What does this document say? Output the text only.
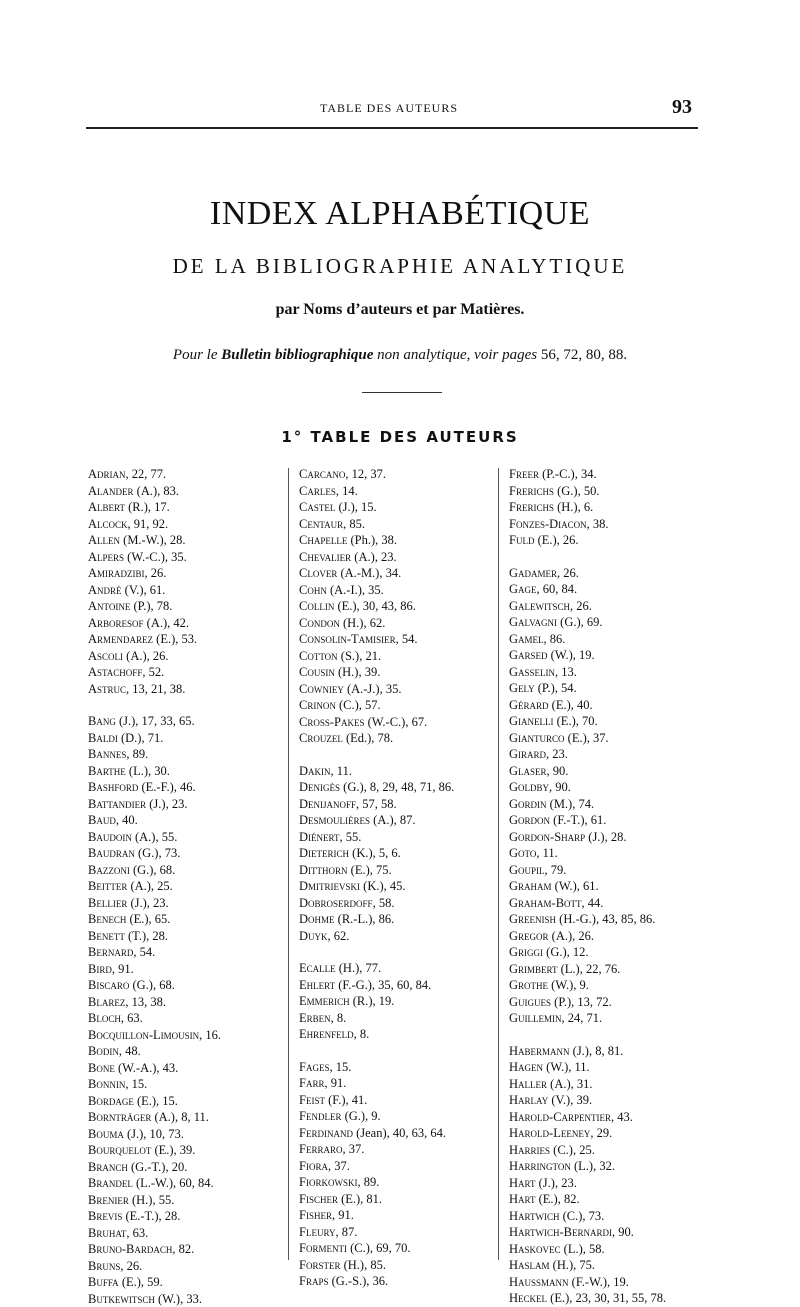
TABLE DES AUTEURS	93
INDEX ALPHABÉTIQUE
DE LA BIBLIOGRAPHIE ANALYTIQUE
par Noms d’auteurs et par Matières.
Pour le Bulletin bibliographique non analytique, voir pages 56, 72, 80, 88.
1° TABLE DES AUTEURS
Adrian, 22, 77.
Alander (A.), 83.
Albert (R.), 17.
Alcock, 91, 92.
Allen (M.-W.), 28.
Alpers (W.-C.), 35.
Amiradzibi, 26.
André (V.), 61.
Antoine (P.), 78.
Arboresof (A.), 42.
Armendarez (E.), 53.
Ascoli (A.), 26.
Astachoff, 52.
Astruc, 13, 21, 38.
Bang (J.), 17, 33, 65.
Baldi (D.), 71.
Bannes, 89.
Barthe (L.), 30.
Bashford (E.-F.), 46.
Battandier (J.), 23.
Baud, 40.
Baudoin (A.), 55.
Baudran (G.), 73.
Bazzoni (G.), 68.
Beitter (A.), 25.
Bellier (J.), 23.
Benech (E.), 65.
Benett (T.), 28.
Bernard, 54.
Bird, 91.
Biscaro (G.), 68.
Blarez, 13, 38.
Bloch, 63.
Bocquillon-Limousin, 16.
Bodin, 48.
Bone (W.-A.), 43.
Bonnin, 15.
Bordage (E.), 15.
Bornträger (A.), 8, 11.
Bouma (J.), 10, 73.
Bourquelot (E.), 39.
Branch (G.-T.), 20.
Brandel (L.-W.), 60, 84.
Brenier (H.), 55.
Brevis (E.-T.), 28.
Bruhat, 63.
Bruno-Bardach, 82.
Bruns, 26.
Buffa (E.), 59.
Butkewitsch (W.), 33.
Carcano, 12, 37.
Carles, 14.
Castel (J.), 15.
Centaur, 85.
Chapelle (Ph.), 38.
Chevalier (A.), 23.
Clover (A.-M.), 34.
Cohn (A.-I.), 35.
Collin (E.), 30, 43, 86.
Condon (H.), 62.
Consolin-Tamisier, 54.
Cotton (S.), 21.
Cousin (H.), 39.
Cowniey (A.-J.), 35.
Crinon (C.), 57.
Cross-Pakes (W.-C.), 67.
Crouzel (Ed.), 78.
Dakin, 11.
Denigès (G.), 8, 29, 48, 71, 86.
Denijanoff, 57, 58.
Desmoulières (A.), 87.
Diénert, 55.
Dieterich (K.), 5, 6.
Ditthorn (E.), 75.
Dmitrievski (K.), 45.
Dobroserdoff, 58.
Dohme (R.-L.), 86.
Duyk, 62.
Ecalle (H.), 77.
Ehlert (F.-G.), 35, 60, 84.
Emmerich (R.), 19.
Erben, 8.
Ehrenfeld, 8.
Fages, 15.
Farr, 91.
Feist (F.), 41.
Fendler (G.), 9.
Ferdinand (Jean), 40, 63, 64.
Ferraro, 37.
Fiora, 37.
Fiorkowski, 89.
Fischer (E.), 81.
Fisher, 91.
Fleury, 87.
Formenti (C.), 69, 70.
Forster (H.), 85.
Fraps (G.-S.), 36.
Freer (P.-C.), 34.
Frerichs (G.), 50.
Frerichs (H.), 6.
Fonzes-Diacon, 38.
Fuld (E.), 26.
Gadamer, 26.
Gage, 60, 84.
Galewitsch, 26.
Galvagni (G.), 69.
Gamel, 86.
Garsed (W.), 19.
Gasselin, 13.
Gely (P.), 54.
Gérard (E.), 40.
Gianelli (E.), 70.
Gianturco (E.), 37.
Girard, 23.
Glaser, 90.
Goldby, 90.
Gordin (M.), 74.
Gordon (F.-T.), 61.
Gordon-Sharp (J.), 28.
Goto, 11.
Goupil, 79.
Graham (W.), 61.
Graham-Bott, 44.
Greenish (H.-G.), 43, 85, 86.
Gregor (A.), 26.
Griggi (G.), 12.
Grimbert (L.), 22, 76.
Grothe (W.), 9.
Guigues (P.), 13, 72.
Guillemin, 24, 71.
Habermann (J.), 8, 81.
Hagen (W.), 11.
Haller (A.), 31.
Harlay (V.), 39.
Harold-Carpentier, 43.
Harold-Leeney, 29.
Harries (C.), 25.
Harrington (L.), 32.
Hart (J.), 23.
Hart (E.), 82.
Hartwich (C.), 73.
Hartwich-Bernardi, 90.
Haskovec (L.), 58.
Haslam (H.), 75.
Haussmann (F.-W.), 19.
Heckel (E.), 23, 30, 31, 55, 78.
